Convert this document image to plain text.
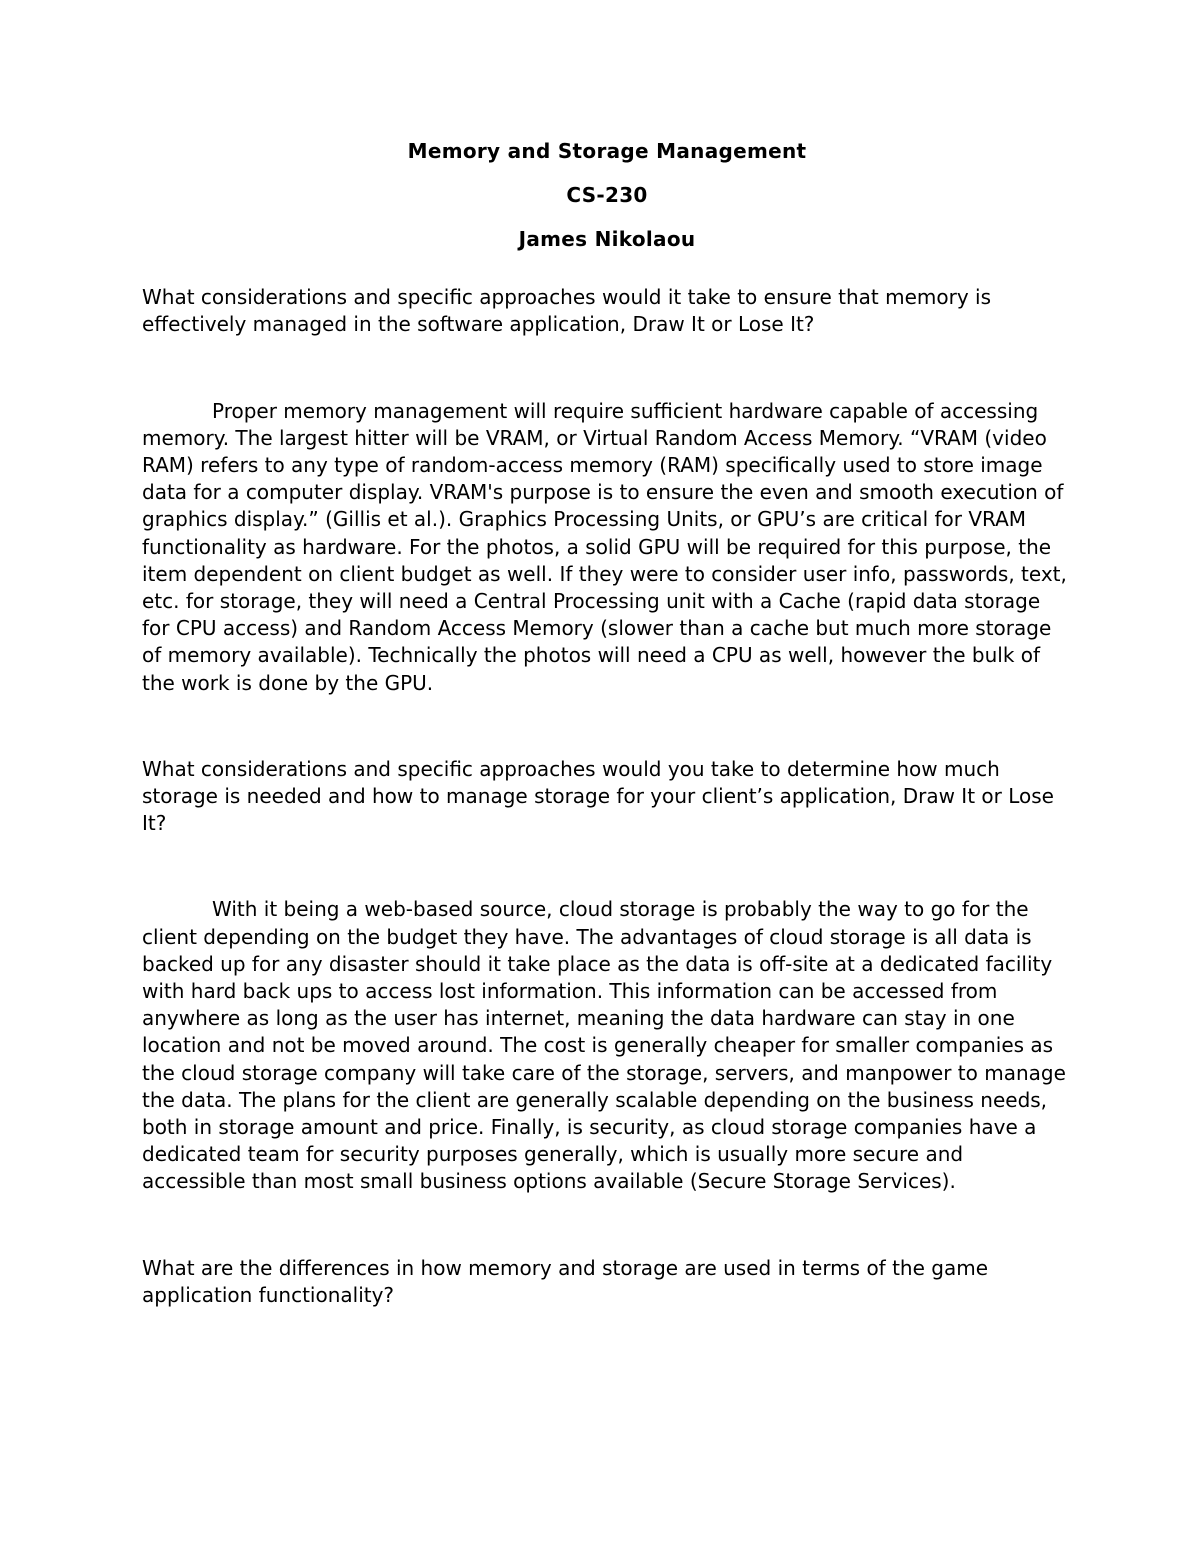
Memory and Storage Management
CS-230
James Nikolaou

What considerations and specific approaches would it take to ensure that memory is effectively managed in the software application, Draw It or Lose It?

Proper memory management will require sufficient hardware capable of accessing memory. The largest hitter will be VRAM, or Virtual Random Access Memory. “VRAM (video RAM) refers to any type of random-access memory (RAM) specifically used to store image data for a computer display. VRAM's purpose is to ensure the even and smooth execution of graphics display.” (Gillis et al.). Graphics Processing Units, or GPU’s are critical for VRAM functionality as hardware. For the photos, a solid GPU will be required for this purpose, the item dependent on client budget as well. If they were to consider user info, passwords, text, etc. for storage, they will need a Central Processing unit with a Cache (rapid data storage for CPU access) and Random Access Memory (slower than a cache but much more storage of memory available). Technically the photos will need a CPU as well, however the bulk of the work is done by the GPU.

What considerations and specific approaches would you take to determine how much storage is needed and how to manage storage for your client’s application, Draw It or Lose It?

With it being a web-based source, cloud storage is probably the way to go for the client depending on the budget they have. The advantages of cloud storage is all data is backed up for any disaster should it take place as the data is off-site at a dedicated facility with hard back ups to access lost information. This information can be accessed from anywhere as long as the user has internet, meaning the data hardware can stay in one location and not be moved around. The cost is generally cheaper for smaller companies as the cloud storage company will take care of the storage, servers, and manpower to manage the data. The plans for the client are generally scalable depending on the business needs, both in storage amount and price. Finally, is security, as cloud storage companies have a dedicated team for security purposes generally, which is usually more secure and accessible than most small business options available (Secure Storage Services).

What are the differences in how memory and storage are used in terms of the game application functionality?
